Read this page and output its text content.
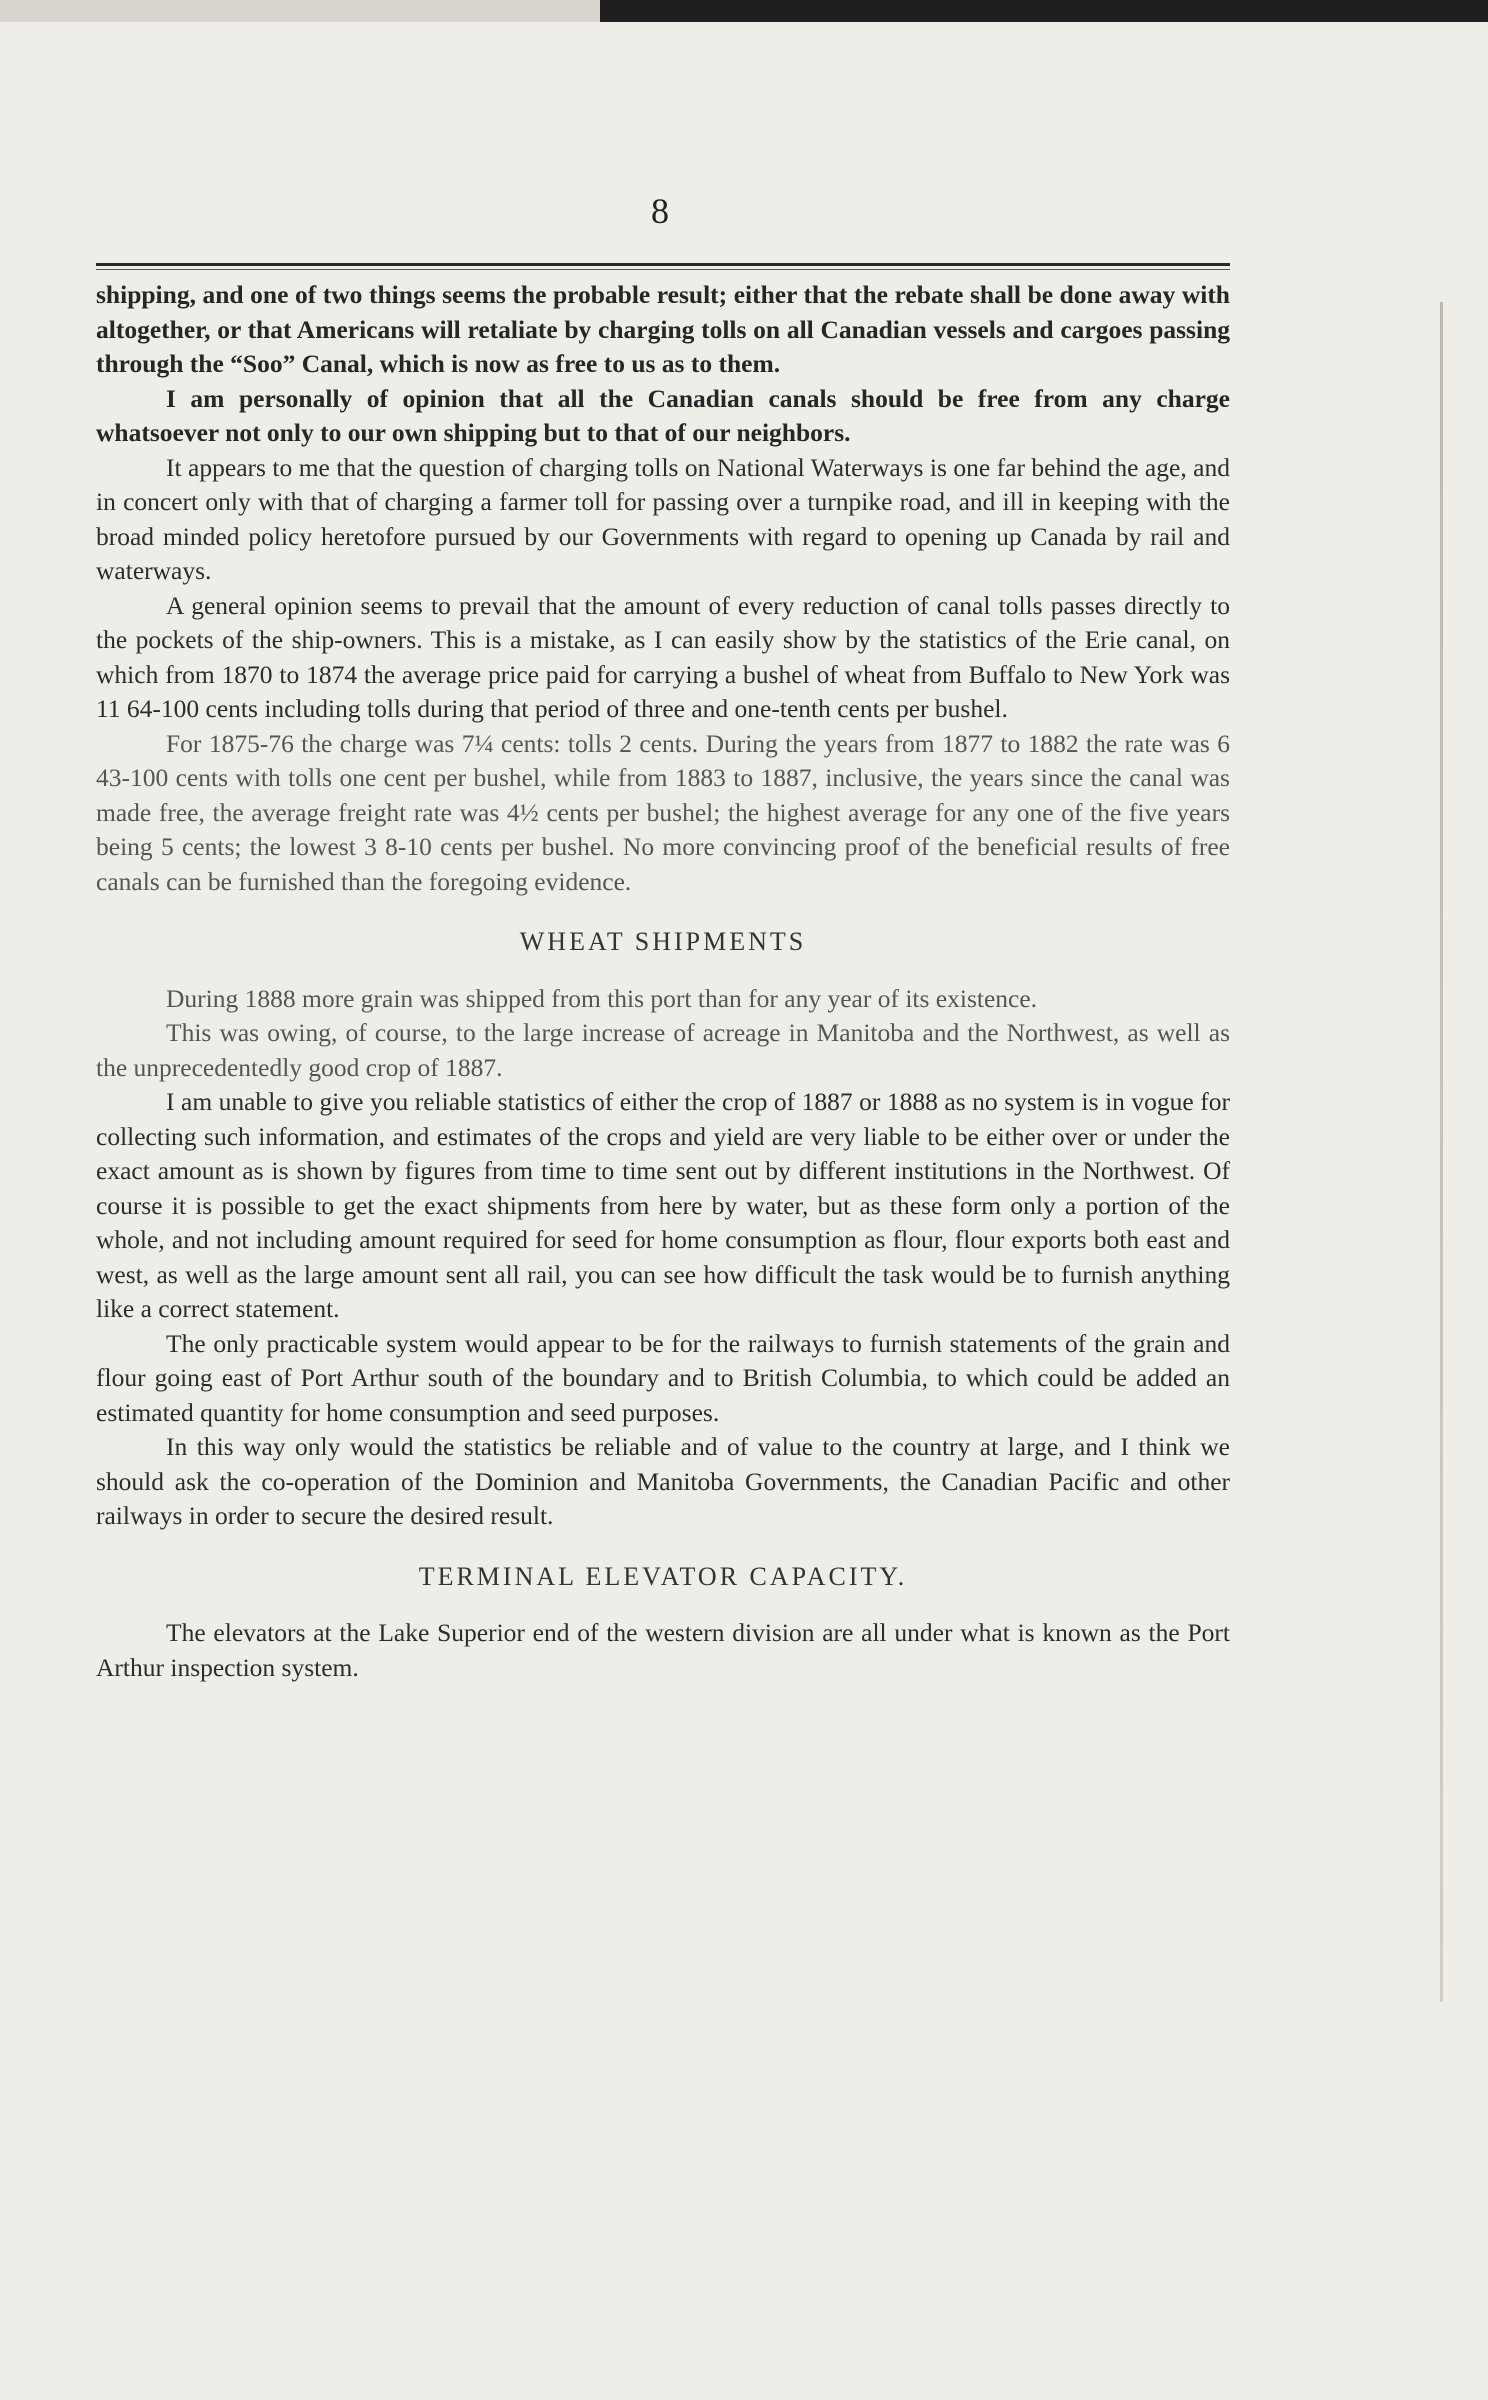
8

shipping, and one of two things seems the probable result; either that the rebate shall be done away with altogether, or that Americans will retaliate by charging tolls on all Canadian vessels and cargoes passing through the “Soo” Canal, which is now as free to us as to them.

I am personally of opinion that all the Canadian canals should be free from any charge whatsoever not only to our own shipping but to that of our neighbors.

It appears to me that the question of charging tolls on National Waterways is one far behind the age, and in concert only with that of charging a farmer toll for passing over a turnpike road, and ill in keeping with the broad minded policy heretofore pursued by our Governments with regard to opening up Canada by rail and waterways.

A general opinion seems to prevail that the amount of every reduction of canal tolls passes directly to the pockets of the ship-owners. This is a mistake, as I can easily show by the statistics of the Erie canal, on which from 1870 to 1874 the average price paid for carrying a bushel of wheat from Buffalo to New York was 11 64-100 cents including tolls during that period of three and one-tenth cents per bushel.

For 1875-76 the charge was 7¼ cents: tolls 2 cents. During the years from 1877 to 1882 the rate was 6 43-100 cents with tolls one cent per bushel, while from 1883 to 1887, inclusive, the years since the canal was made free, the average freight rate was 4½ cents per bushel; the highest average for any one of the five years being 5 cents; the lowest 3 8-10 cents per bushel. No more convincing proof of the beneficial results of free canals can be furnished than the foregoing evidence.

WHEAT SHIPMENTS

During 1888 more grain was shipped from this port than for any year of its existence.

This was owing, of course, to the large increase of acreage in Manitoba and the Northwest, as well as the unprecedentedly good crop of 1887.

I am unable to give you reliable statistics of either the crop of 1887 or 1888 as no system is in vogue for collecting such information, and estimates of the crops and yield are very liable to be either over or under the exact amount as is shown by figures from time to time sent out by different institutions in the Northwest. Of course it is possible to get the exact shipments from here by water, but as these form only a portion of the whole, and not including amount required for seed for home consumption as flour, flour exports both east and west, as well as the large amount sent all rail, you can see how difficult the task would be to furnish anything like a correct statement.

The only practicable system would appear to be for the railways to furnish statements of the grain and flour going east of Port Arthur south of the boundary and to British Columbia, to which could be added an estimated quantity for home consumption and seed purposes.

In this way only would the statistics be reliable and of value to the country at large, and I think we should ask the co-operation of the Dominion and Manitoba Governments, the Canadian Pacific and other railways in order to secure the desired result.

TERMINAL ELEVATOR CAPACITY.

The elevators at the Lake Superior end of the western division are all under what is known as the Port Arthur inspection system.
